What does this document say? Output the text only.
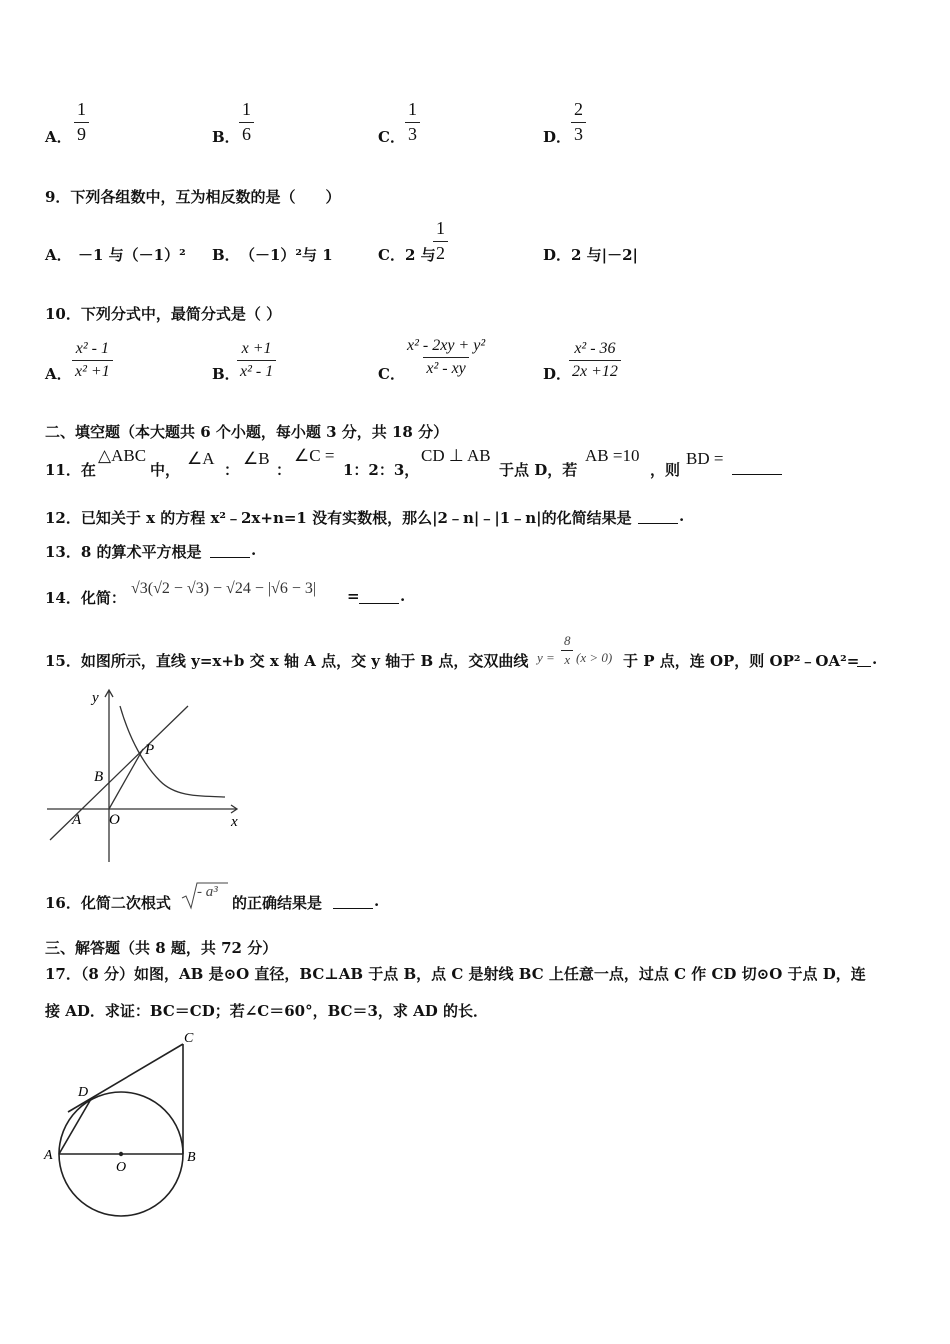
A． $\frac{1}{9}$	B． $\frac{1}{6}$	C． $\frac{1}{3}$	D． $\frac{2}{3}$
9．下列各组数中，互为相反数的是（　　）
A． －1 与（－1）² B． （－1）²与 1	C． 2 与
$\frac{1}{2}$	D． 2 与|－2|
10．下列分式中，最简分式是（ ）
A． $\frac{\text{x² - 1}}{\text{x² +1}}$	B．
$\frac{x +1}{\text{x² - 1}}$	C． $\frac{\text{x² - 2xy + y²}}{\text{x² - xy}}$	D．
$\frac{\text{x² - 36}}{2x +12}$
二、填空题（本大题共 6 个小题，每小题 3 分，共 18 分）
11．在
△ABC
中，
∠A
：
∠B
：
∠C =
1：2：3，
CD ⊥ AB
于点 D，若
AB =10
，则
BD =
12．已知关于 x 的方程 x²﹣2x+n=1 没有实数根，那么|2﹣n|﹣|1﹣n|的化简结果是	.
13．8 的算术平方根是	.
14．化简：
√3(√2 − √3) − √24 − |√6 − 3| =	.
15．如图所示，直线 y=x+b 交 x 轴 A 点，交 y 轴于 B 点，交双曲线 $y = \frac{8}{x} (x > 0)$ 于 P 点，连 OP，则 OP²﹣OA²= .
y
x
B
P
A O
16．化简二次根式
- a³
的正确结果是	.
三、解答题（共 8 题，共 72 分）
17．（8 分）如图，AB 是⊙O 直径，BC⊥AB 于点 B，点 C 是射线 BC 上任意一点，过点 C 作 CD 切⊙O 于点 D，连
接 AD．求证：BC＝CD；若∠C＝60°，BC＝3，求 AD 的长．
C
D
A
O
B
